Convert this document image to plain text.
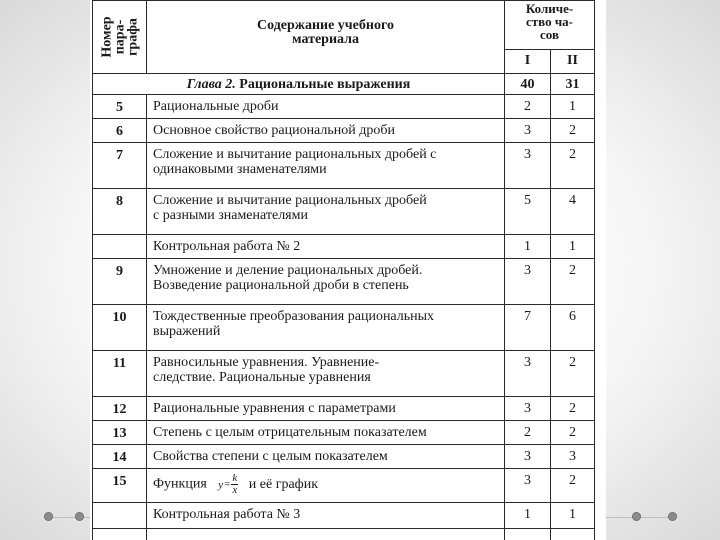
Номер
пара-
графа	Содержание учебного
материала	Количе-
ство ча-
сов	

		I	II
Глава 2. Рациональные выражения		40	31
5	Рациональные дроби	2	1
6	Основное свойство рациональной дроби	3	2
7	Сложение и вычитание рациональных дробей с
одинаковыми знаменателями	3	2
8	Сложение и вычитание рациональных дробей
с разными знаменателями	5	4

	Контрольная работа № 2	1	1
9	Умножение и деление рациональных дробей.
Возведение рациональной дроби в степень	3	2
10	Тождественные преобразования рациональных
выражений	7	6
11	Равносильные уравнения. Уравнение-
следствие. Рациональные уравнения	3	2
12	Рациональные уравнения с параметрами	3	2
13	Степень с целым отрицательным показателем	2	2
14	Свойства степени с целым показателем	3	3
15	Функция $y= \frac{k}{x}$ и её график	3	2
	Контрольная работа № 3	1	1
